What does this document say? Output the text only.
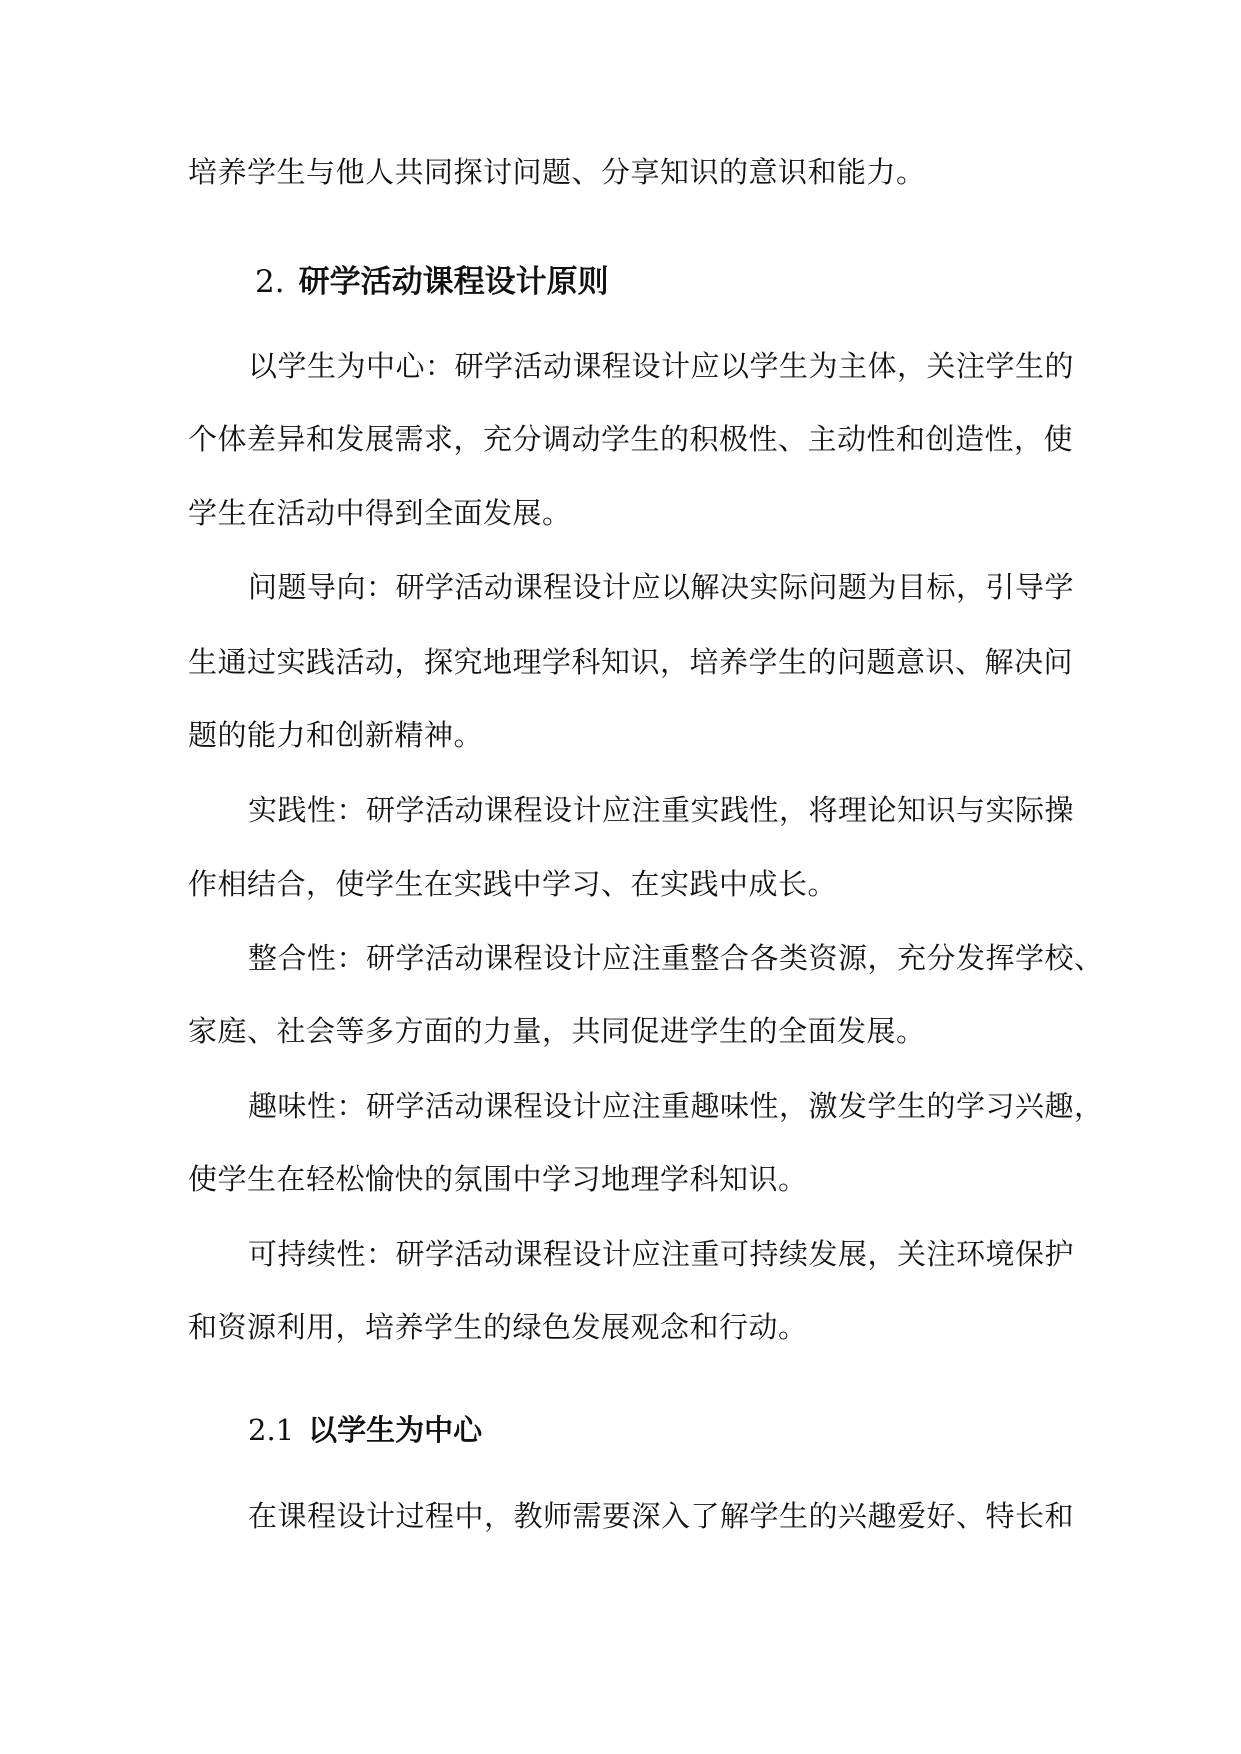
培养学生与他人共同探讨问题、分享知识的意识和能力。
2. 研学活动课程设计原则
以学生为中心：研学活动课程设计应以学生为主体，关注学生的
个体差异和发展需求，充分调动学生的积极性、主动性和创造性，使
学生在活动中得到全面发展。
问题导向：研学活动课程设计应以解决实际问题为目标，引导学
生通过实践活动，探究地理学科知识，培养学生的问题意识、解决问
题的能力和创新精神。
实践性：研学活动课程设计应注重实践性，将理论知识与实际操
作相结合，使学生在实践中学习、在实践中成长。
整合性：研学活动课程设计应注重整合各类资源，充分发挥学校、
家庭、社会等多方面的力量，共同促进学生的全面发展。
趣味性：研学活动课程设计应注重趣味性，激发学生的学习兴趣，
使学生在轻松愉快的氛围中学习地理学科知识。
可持续性：研学活动课程设计应注重可持续发展，关注环境保护
和资源利用，培养学生的绿色发展观念和行动。
2.1 以学生为中心
在课程设计过程中，教师需要深入了解学生的兴趣爱好、特长和
